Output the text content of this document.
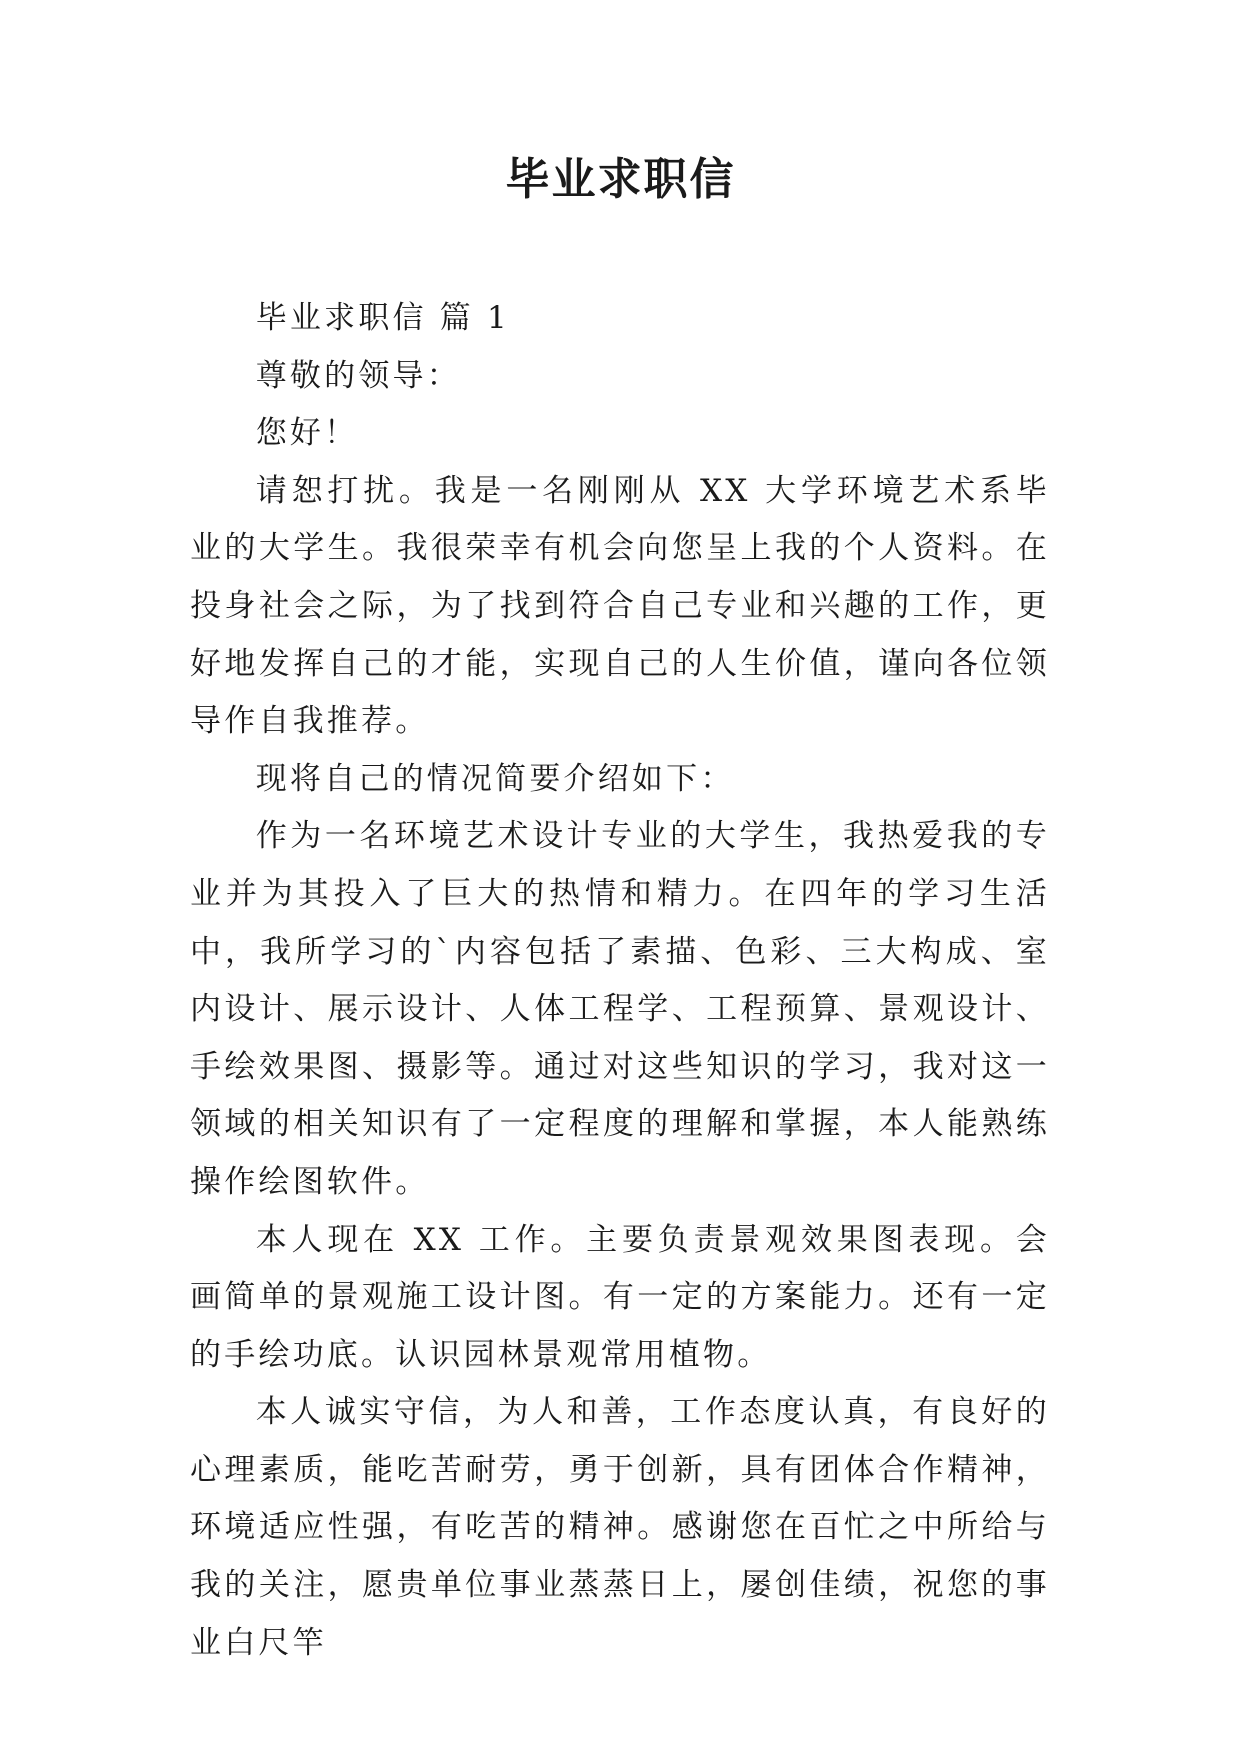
毕业求职信

毕业求职信 篇 1

尊敬的领导：

您好！

请恕打扰。我是一名刚刚从 XX 大学环境艺术系毕业的大学生。我很荣幸有机会向您呈上我的个人资料。在投身社会之际，为了找到符合自己专业和兴趣的工作，更好地发挥自己的才能，实现自己的人生价值，谨向各位领导作自我推荐。

现将自己的情况简要介绍如下：

作为一名环境艺术设计专业的大学生，我热爱我的专业并为其投入了巨大的热情和精力。在四年的学习生活中，我所学习的`内容包括了素描、色彩、三大构成、室内设计、展示设计、人体工程学、工程预算、景观设计、手绘效果图、摄影等。通过对这些知识的学习，我对这一领域的相关知识有了一定程度的理解和掌握，本人能熟练操作绘图软件。

本人现在 XX 工作。主要负责景观效果图表现。会画简单的景观施工设计图。有一定的方案能力。还有一定的手绘功底。认识园林景观常用植物。

本人诚实守信，为人和善，工作态度认真，有良好的心理素质，能吃苦耐劳，勇于创新，具有团体合作精神，环境适应性强，有吃苦的精神。感谢您在百忙之中所给与我的关注，愿贵单位事业蒸蒸日上，屡创佳绩，祝您的事业白尺竿
